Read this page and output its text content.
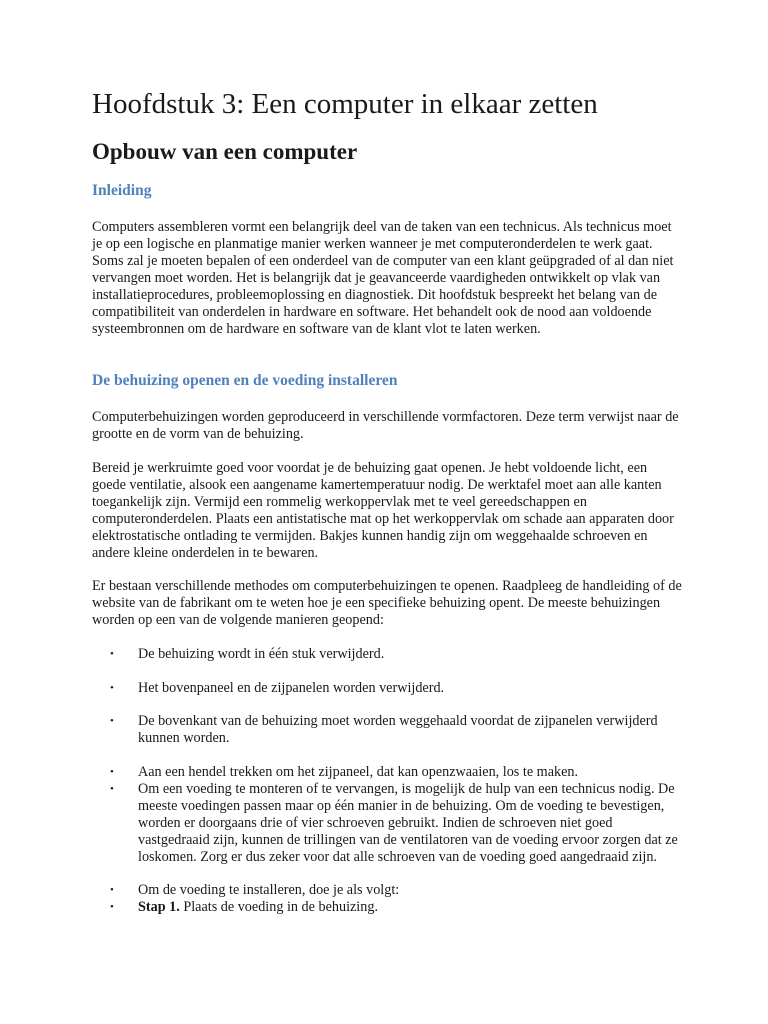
Hoofdstuk 3: Een computer in elkaar zetten
Opbouw van een computer
Inleiding

Computers assembleren vormt een belangrijk deel van de taken van een technicus. Als technicus moet je op een logische en planmatige manier werken wanneer je met computeronderdelen te werk gaat. Soms zal je moeten bepalen of een onderdeel van de computer van een klant geüpgraded of al dan niet vervangen moet worden. Het is belangrijk dat je geavanceerde vaardigheden ontwikkelt op vlak van installatieprocedures, probleemoplossing en diagnostiek. Dit hoofdstuk bespreekt het belang van de compatibiliteit van onderdelen in hardware en software. Het behandelt ook de nood aan voldoende systeembronnen om de hardware en software van de klant vlot te laten werken.

De behuizing openen en de voeding installeren

Computerbehuizingen worden geproduceerd in verschillende vormfactoren. Deze term verwijst naar de grootte en de vorm van de behuizing.

Bereid je werkruimte goed voor voordat je de behuizing gaat openen. Je hebt voldoende licht, een goede ventilatie, alsook een aangename kamertemperatuur nodig. De werktafel moet aan alle kanten toegankelijk zijn. Vermijd een rommelig werkoppervlak met te veel gereedschappen en computeronderdelen. Plaats een antistatische mat op het werkoppervlak om schade aan apparaten door elektrostatische ontlading te vermijden. Bakjes kunnen handig zijn om weggehaalde schroeven en andere kleine onderdelen in te bewaren.

Er bestaan verschillende methodes om computerbehuizingen te openen. Raadpleeg de handleiding of de website van de fabrikant om te weten hoe je een specifieke behuizing opent. De meeste behuizingen worden op een van de volgende manieren geopend:

• De behuizing wordt in één stuk verwijderd.
• Het bovenpaneel en de zijpanelen worden verwijderd.
• De bovenkant van de behuizing moet worden weggehaald voordat de zijpanelen verwijderd kunnen worden.
• Aan een hendel trekken om het zijpaneel, dat kan openzwaaien, los te maken.
• Om een voeding te monteren of te vervangen, is mogelijk de hulp van een technicus nodig. De meeste voedingen passen maar op één manier in de behuizing. Om de voeding te bevestigen, worden er doorgaans drie of vier schroeven gebruikt. Indien de schroeven niet goed vastgedraaid zijn, kunnen de trillingen van de ventilatoren van de voeding ervoor zorgen dat ze loskomen. Zorg er dus zeker voor dat alle schroeven van de voeding goed aangedraaid zijn.
• Om de voeding te installeren, doe je als volgt:
• Stap 1. Plaats de voeding in de behuizing.
